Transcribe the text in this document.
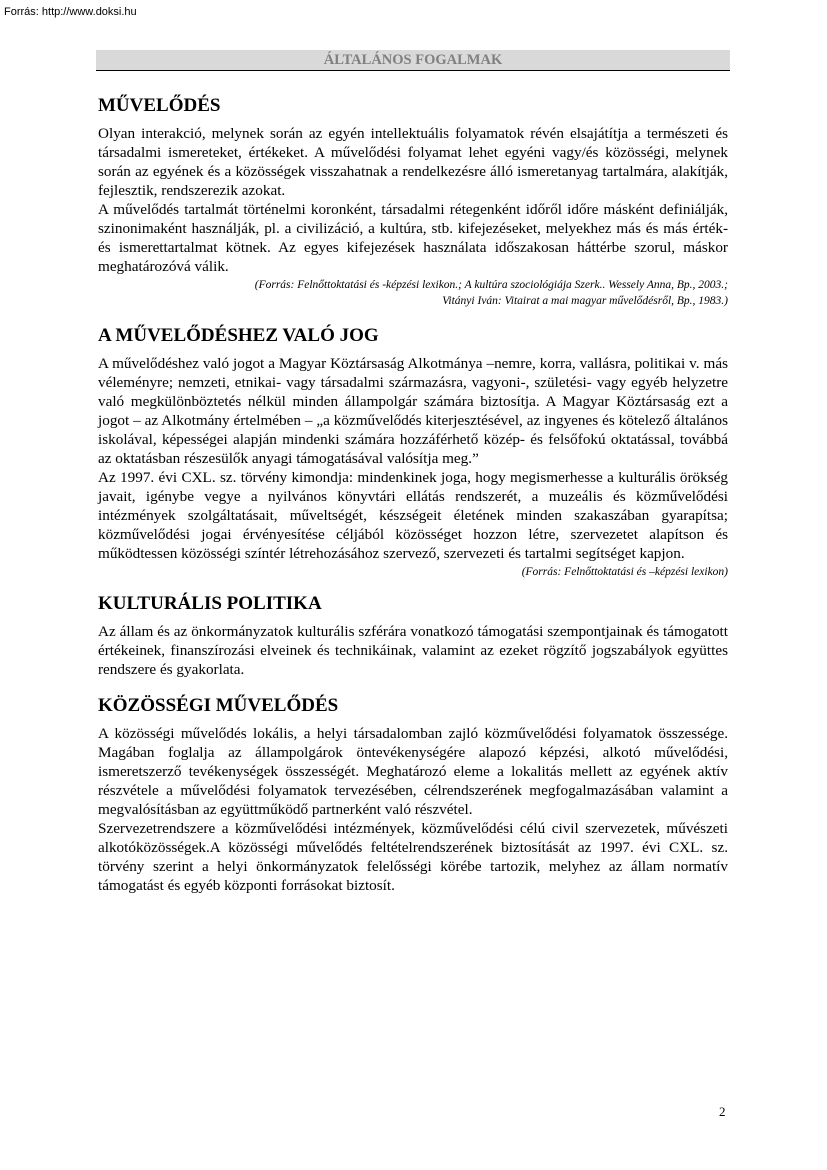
Forrás: http://www.doksi.hu
ÁLTALÁNOS FOGALMAK
MŰVELŐDÉS

Olyan interakció, melynek során az egyén intellektuális folyamatok révén elsajátítja a természeti és társadalmi ismereteket, értékeket. A művelődési folyamat lehet egyéni vagy/és közösségi, melynek során az egyének és a közösségek visszahatnak a rendelkezésre álló ismeretanyag tartalmára, alakítják, fejlesztik, rendszerezik azokat.

A művelődés tartalmát történelmi koronként, társadalmi rétegenként időről időre másként definiálják, szinonimaként használják, pl. a civilizáció, a kultúra, stb. kifejezéseket, melyekhez más és más érték- és ismerettartalmat kötnek. Az egyes kifejezések használata időszakosan háttérbe szorul, máskor meghatározóvá válik.

(Forrás: Felnőttoktatási és -képzési lexikon.; A kultúra szociológiája Szerk.. Wessely Anna, Bp., 2003.;
Vitányi Iván: Vitairat a mai magyar művelődésről, Bp., 1983.)
A MŰVELŐDÉSHEZ VALÓ JOG

A művelődéshez való jogot a Magyar Köztársaság Alkotmánya –nemre, korra, vallásra, politikai v. más véleményre; nemzeti, etnikai- vagy társadalmi származásra, vagyoni-, születési- vagy egyéb helyzetre való megkülönböztetés nélkül minden állampolgár számára biztosítja. A Magyar Köztársaság ezt a jogot – az Alkotmány értelmében – „a közművelődés kiterjesztésével, az ingyenes és kötelező általános iskolával, képességei alapján mindenki számára hozzáférhető közép- és felsőfokú oktatással, továbbá az oktatásban részesülők anyagi támogatásával valósítja meg.”

Az 1997. évi CXL. sz. törvény kimondja: mindenkinek joga, hogy megismerhesse a kulturális örökség javait, igénybe vegye a nyilvános könyvtári ellátás rendszerét, a muzeális és közművelődési intézmények szolgáltatásait, műveltségét, készségeit életének minden szakaszában gyarapítsa; közművelődési jogai érvényesítése céljából közösséget hozzon létre, szervezetet alapítson és működtessen közösségi színtér létrehozásához szervező, szervezeti és tartalmi segítséget kapjon.

(Forrás: Felnőttoktatási és –képzési lexikon)
KULTURÁLIS POLITIKA

Az állam és az önkormányzatok kulturális szférára vonatkozó támogatási szempontjainak és támogatott értékeinek, finanszírozási elveinek és technikáinak, valamint az ezeket rögzítő jogszabályok együttes rendszere és gyakorlata.

KÖZÖSSÉGI MŰVELŐDÉS

A közösségi művelődés lokális, a helyi társadalomban zajló közművelődési folyamatok összessége. Magában foglalja az állampolgárok öntevékenységére alapozó képzési, alkotó művelődési, ismeretszerző tevékenységek összességét. Meghatározó eleme a lokalitás mellett az egyének aktív részvétele a művelődési folyamatok tervezésében, célrendszerének megfogalmazásában valamint a megvalósításban az együttműködő partnerként való részvétel.

Szervezetrendszere a közművelődési intézmények, közművelődési célú civil szervezetek, művészeti alkotóközösségek.A közösségi művelődés feltételrendszerének biztosítását az 1997. évi CXL. sz. törvény szerint a helyi önkormányzatok felelősségi körébe tartozik, melyhez az állam normatív támogatást és egyéb központi forrásokat biztosít.

2
